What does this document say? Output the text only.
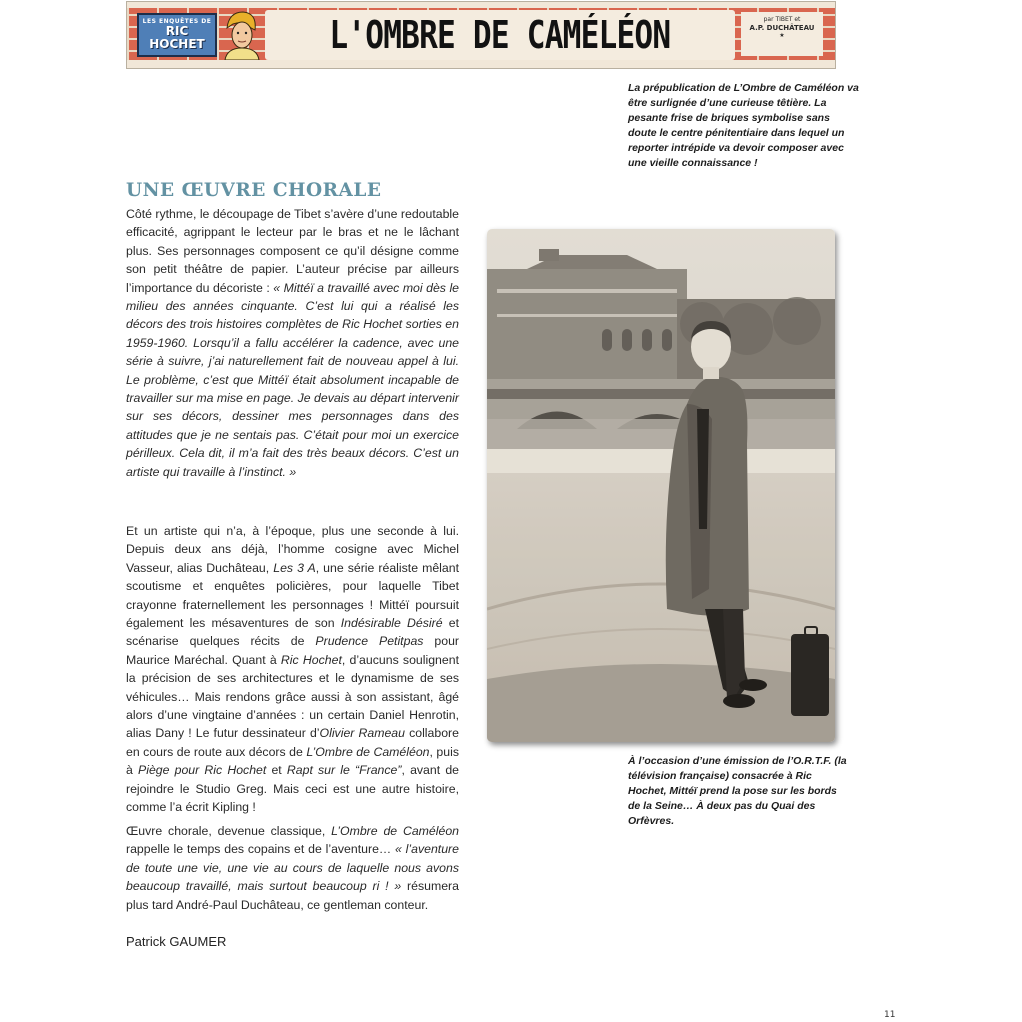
LES ENQUÊTES DE
RIC
HOCHET	L'OMBRE DE CAMÉLÉON	par TIBET et
A.P. DUCHÂTEAU
★
La prépublication de L’Ombre de Caméléon va être surlignée d’une curieuse têtière. La pesante frise de briques symbolise sans doute le centre pénitentiaire dans lequel un reporter intrépide va devoir composer avec une vieille connaissance !
UNE ŒUVRE CHORALE
Côté rythme, le découpage de Tibet s’avère d’une redoutable efficacité, agrippant le lecteur par le bras et ne le lâchant plus. Ses personnages composent ce qu’il désigne comme son petit théâtre de papier. L’auteur précise par ailleurs l’importance du décoriste : « Mittéï a travaillé avec moi dès le milieu des années cinquante. C’est lui qui a réalisé les décors des trois histoires complètes de Ric Hochet sorties en 1959-1960. Lorsqu’il a fallu accélérer la cadence, avec une série à suivre, j’ai naturellement fait de nouveau appel à lui. Le problème, c’est que Mittéï était absolument incapable de travailler sur ma mise en page. Je devais au départ intervenir sur ses décors, dessiner mes personnages dans des attitudes que je ne sentais pas. C’était pour moi un exercice périlleux. Cela dit, il m’a fait des très beaux décors. C’est un artiste qui travaille à l’instinct. »
Et un artiste qui n’a, à l’époque, plus une seconde à lui. Depuis deux ans déjà, l’homme cosigne avec Michel Vasseur, alias Duchâteau, Les 3 A, une série réaliste mêlant scoutisme et enquêtes policières, pour laquelle Tibet crayonne fraternellement les personnages ! Mittéï poursuit également les mésaventures de son Indésirable Désiré et scénarise quelques récits de Prudence Petitpas pour Maurice Maréchal. Quant à Ric Hochet, d’aucuns soulignent la précision de ses architectures et le dynamisme de ses véhicules… Mais rendons grâce aussi à son assistant, âgé alors d’une vingtaine d’années : un certain Daniel Henrotin, alias Dany ! Le futur dessinateur d’Olivier Rameau collabore en cours de route aux décors de L’Ombre de Caméléon, puis à Piège pour Ric Hochet et Rapt sur le “France”, avant de rejoindre le Studio Greg. Mais ceci est une autre histoire, comme l’a écrit Kipling !
Œuvre chorale, devenue classique, L’Ombre de Caméléon rappelle le temps des copains et de l’aventure… « l’aventure de toute une vie, une vie au cours de laquelle nous avons beaucoup travaillé, mais surtout beaucoup ri ! » résumera plus tard André-Paul Duchâteau, ce gentleman conteur.
Patrick GAUMER
À l’occasion d’une émission de l’O.R.T.F. (la télévision française) consacrée à Ric Hochet, Mittéï prend la pose sur les bords de la Seine… À deux pas du Quai des Orfèvres.
11
